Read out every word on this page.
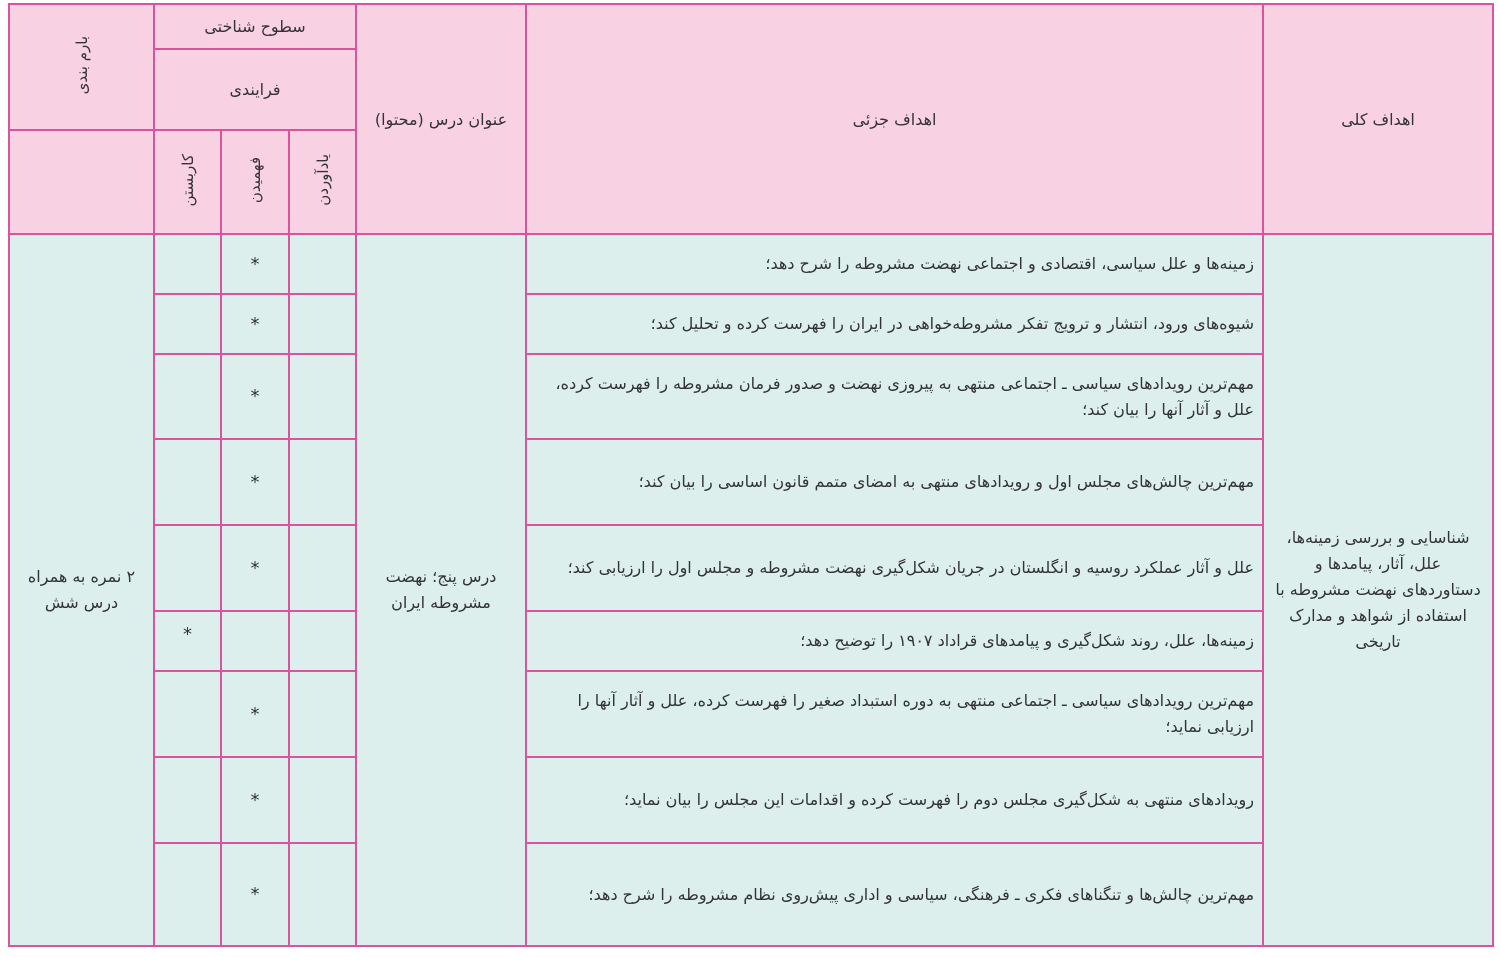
بارم بندی	سطوح شناختی			عنوان درس (محتوا)	اهداف جزئی	اهداف کلی
	فرایندی					
	کاربستن	فهمیدن	یادآوردن			
۲ نمره به همراه درس شش		*		درس پنج؛ نهضت مشروطه ایران	زمینه‌ها و علل سیاسی، اقتصادی و اجتماعی نهضت مشروطه را شرح دهد؛	شناسایی و بررسی زمینه‌ها، علل، آثار، پیامدها و دستاوردهای نهضت مشروطه با استفاده از شواهد و مدارک تاریخی

		*			شیوه‌های ورود، انتشار و ترویج تفکر مشروطه‌خواهی در ایران را فهرست کرده و تحلیل کند؛	
		*			مهم‌ترین رویدادهای سیاسی ـ اجتماعی منتهی به پیروزی نهضت و صدور فرمان مشروطه را فهرست کرده، علل و آثار آنها را بیان کند؛	
		*			مهم‌ترین چالش‌های مجلس اول و رویدادهای منتهی به امضای متمم قانون اساسی را بیان کند؛	
		*			علل و آثار عملکرد روسیه و انگلستان در جریان شکل‌گیری نهضت مشروطه و مجلس اول را ارزیابی کند؛	
	*				زمینه‌ها، علل، روند شکل‌گیری و پیامدهای قراداد ۱۹۰۷ را توضیح دهد؛	
		*			مهم‌ترین رویدادهای سیاسی ـ اجتماعی منتهی به دوره استبداد صغیر را فهرست کرده، علل و آثار آنها را ارزیابی نماید؛	
		*			رویدادهای منتهی به شکل‌گیری مجلس دوم را فهرست کرده و اقدامات این مجلس را بیان نماید؛	
		*			مهم‌ترین چالش‌ها و تنگناهای فکری ـ فرهنگی، سیاسی و اداری پیش‌روی نظام مشروطه را شرح دهد؛	
